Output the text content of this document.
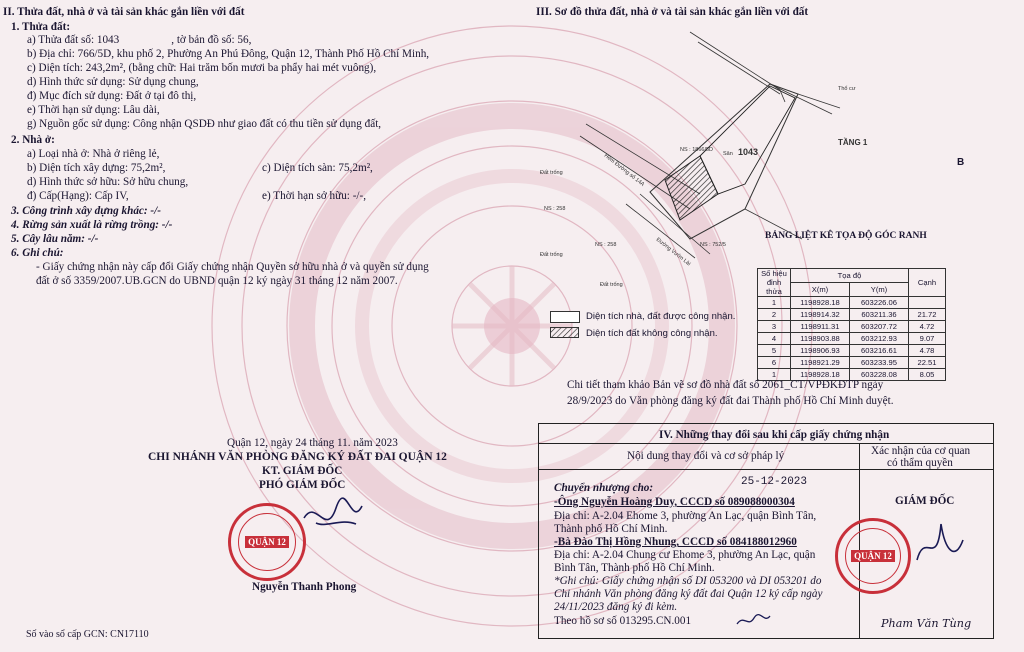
II. Thửa đất, nhà ở và tài sản khác gắn liền với đất
1. Thửa đất:
a) Thửa đất số: 1043	, tờ bản đồ số: 56,
b) Địa chỉ: 766/5D, khu phố 2, Phường An Phú Đông, Quận 12, Thành Phố Hồ Chí Minh,
c) Diện tích: 243,2m², (bằng chữ: Hai trăm bốn mươi ba phẩy hai mét vuông),
d) Hình thức sử dụng: Sử dụng chung,
đ) Mục đích sử dụng: Đất ở tại đô thị,
e) Thời hạn sử dụng: Lâu dài,
g) Nguồn gốc sử dụng: Công nhận QSDĐ như giao đất có thu tiền sử dụng đất,
2. Nhà ở:
a) Loại nhà ở: Nhà ở riêng lẻ,
b) Diện tích xây dựng: 75,2m²,	c) Diện tích sàn: 75,2m²,
d) Hình thức sở hữu: Sở hữu chung,
đ) Cấp(Hạng): Cấp IV,	e) Thời hạn sở hữu: -/-,
3. Công trình xây dựng khác: -/-
4. Rừng sản xuất là rừng trồng: -/-
5. Cây lâu năm: -/-
6. Ghi chú:
- Giấy chứng nhận này cấp đổi Giấy chứng nhận Quyền sở hữu nhà ở và quyền sử dụng
đất ở số 3359/2007.UB.GCN do UBND quận 12 ký ngày 31 tháng 12 năm 2007.
Quận 12, ngày 24 tháng 11. năm 2023
CHI NHÁNH VĂN PHÒNG ĐĂNG KÝ ĐẤT ĐAI QUẬN 12
KT. GIÁM ĐỐC
PHÓ GIÁM ĐỐC
QUẬN 12
Nguyễn Thanh Phong
Số vào sổ cấp GCN: CN17110
III. Sơ đồ thửa đất, nhà ở và tài sản khác gắn liền với đất
1043
Sân
TẦNG 1
Thổ cư
NS : 1866/5D
NS : 258
NS : 258	NS : 752/5
Đất trống
Đất trống
Đất trống
Hẻm Đường số 14A
Đường Vườn Lài
BẢNG LIỆT KÊ TỌA ĐỘ GÓC RANH
Số hiệu đỉnh thửa	Tọa độ		Cạnh
	X(m)	Y(m)	
1	1198928.18	603226.06	
2	1198914.32	603211.36	21.72
3	1198911.31	603207.72	4.72
4	1198903.88	603212.93	9.07
5	1198906.93	603216.61	4.78
6	1198921.29	603233.95	22.51
1	1198928.18	603228.08	8.05
Diện tích nhà, đất được công nhận.
Diện tích đất không công nhận.
Chi tiết tham khảo Bản vẽ sơ đồ nhà đất số 2061_CT/VPĐKĐTP ngày
28/9/2023 do Văn phòng đăng ký đất đai Thành phố Hồ Chí Minh duyệt.
IV. Những thay đổi sau khi cấp giấy chứng nhận
Nội dung thay đổi và cơ sở pháp lý	Xác nhận của cơ quan
có thẩm quyền
25-12-2023
Chuyển nhượng cho:
-Ông Nguyễn Hoàng Duy, CCCD số 089088000304
Địa chỉ: A-2.04 Ehome 3, phường An Lạc, quận Bình Tân,
Thành phố Hồ Chí Minh.
-Bà Đào Thị Hồng Nhung, CCCD số 084188012960
Địa chỉ: A-2.04 Chung cư Ehome 3, phường An Lạc, quận
Bình Tân, Thành phố Hồ Chí Minh.
*Ghi chú: Giấy chứng nhận số DI 053200 và DI 053201 do
Chi nhánh Văn phòng đăng ký đất đai Quận 12 ký cấp ngày
24/11/2023 đăng ký đi kèm.
Theo hồ sơ số 013295.CN.001
GIÁM ĐỐC
QUẬN 12
Pham Văn Tùng
B
